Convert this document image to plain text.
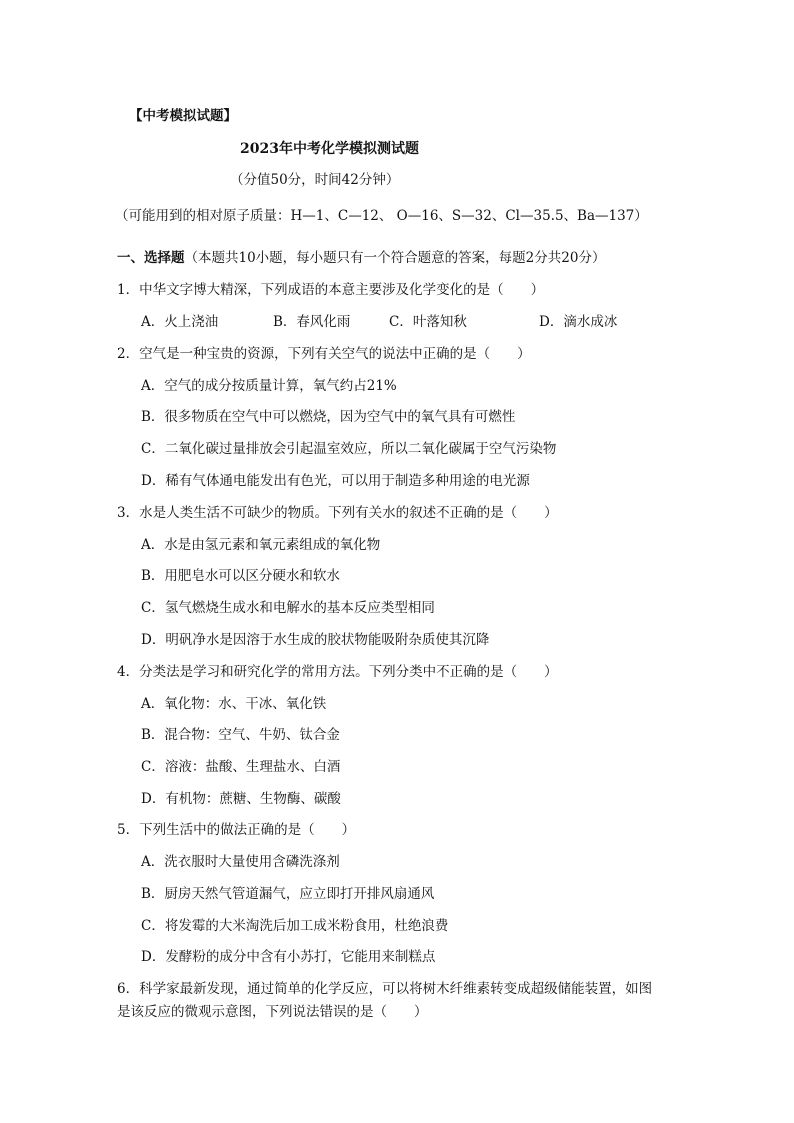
【中考模拟试题】
2023年中考化学模拟测试题
（分值50分，时间42分钟）
（可能用到的相对原子质量：H—1、C—12、 O—16、S—32、Cl—35.5、Ba—137）
一、选择题（本题共10小题，每小题只有一个符合题意的答案，每题2分共20分）
1．中华文字博大精深，下列成语的本意主要涉及化学变化的是（　　）
A．火上浇油	B．春风化雨	C．叶落知秋	D．滴水成冰
2．空气是一种宝贵的资源，下列有关空气的说法中正确的是（　　）
A．空气的成分按质量计算，氧气约占21%
B．很多物质在空气中可以燃烧，因为空气中的氧气具有可燃性
C．二氧化碳过量排放会引起温室效应，所以二氧化碳属于空气污染物
D．稀有气体通电能发出有色光，可以用于制造多种用途的电光源
3．水是人类生活不可缺少的物质。下列有关水的叙述不正确的是（　　）
A．水是由氢元素和氧元素组成的氧化物
B．用肥皂水可以区分硬水和软水
C．氢气燃烧生成水和电解水的基本反应类型相同
D．明矾净水是因溶于水生成的胶状物能吸附杂质使其沉降
4．分类法是学习和研究化学的常用方法。下列分类中不正确的是（　　）
A．氧化物：水、干冰、氧化铁
B．混合物：空气、牛奶、钛合金
C．溶液：盐酸、生理盐水、白酒
D．有机物：蔗糖、生物酶、碳酸
5．下列生活中的做法正确的是（　　）
A．洗衣服时大量使用含磷洗涤剂
B．厨房天然气管道漏气，应立即打开排风扇通风
C．将发霉的大米淘洗后加工成米粉食用，杜绝浪费
D．发酵粉的成分中含有小苏打，它能用来制糕点
6．科学家最新发现，通过简单的化学反应，可以将树木纤维素转变成超级储能装置，如图
是该反应的微观示意图，下列说法错误的是（　　）
